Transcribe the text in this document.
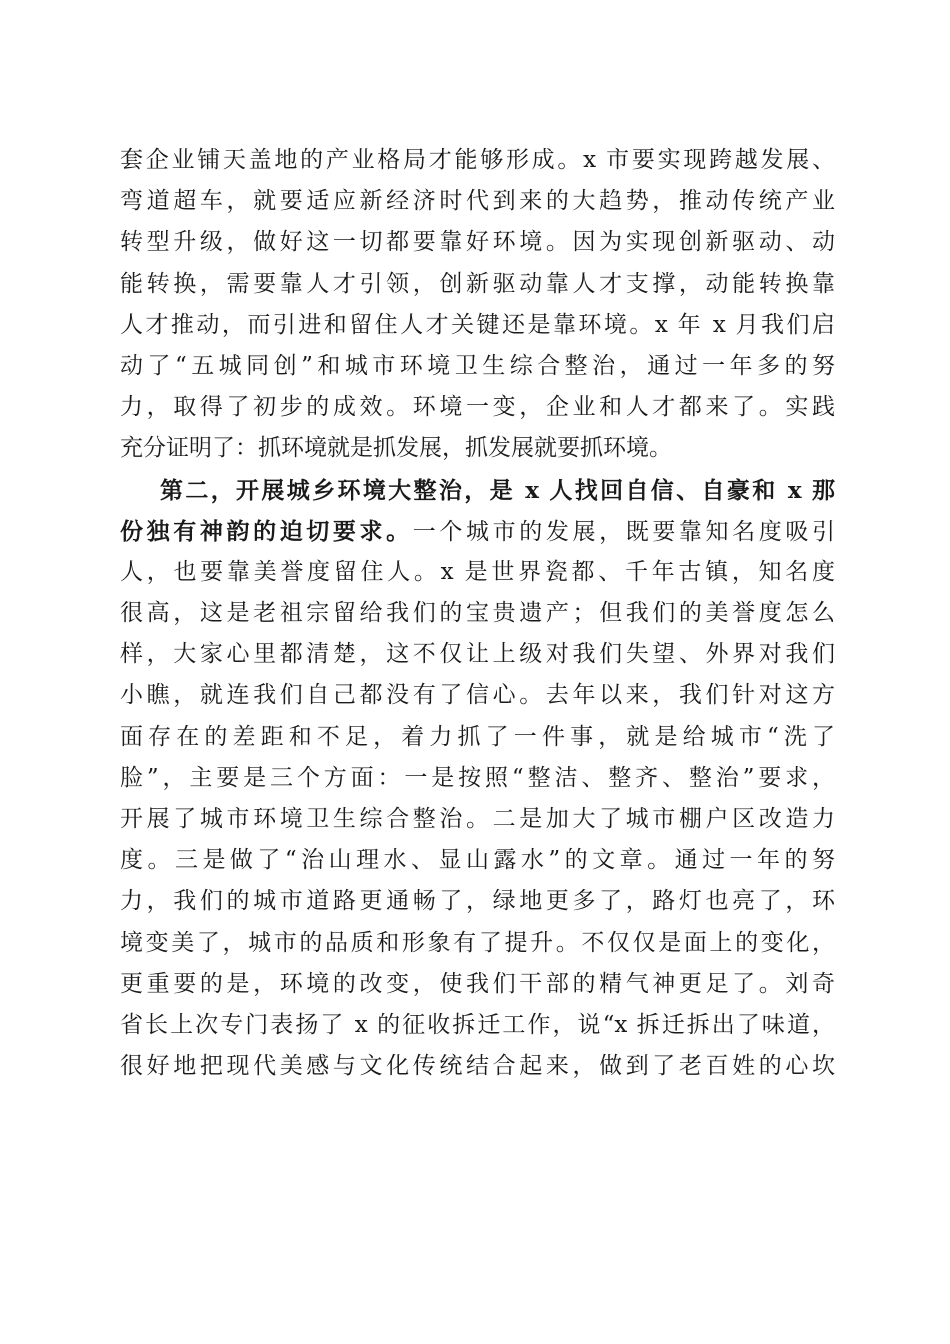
套企业铺天盖地的产业格局才能够形成。x 市要实现跨越发展、
弯道超车，就要适应新经济时代到来的大趋势，推动传统产业
转型升级，做好这一切都要靠好环境。因为实现创新驱动、动
能转换，需要靠人才引领，创新驱动靠人才支撑，动能转换靠
人才推动，而引进和留住人才关键还是靠环境。x 年 x 月我们启
动了“五城同创”和城市环境卫生综合整治，通过一年多的努
力，取得了初步的成效。环境一变，企业和人才都来了。实践
充分证明了：抓环境就是抓发展，抓发展就要抓环境。
第二，开展城乡环境大整治，是 x 人找回自信、自豪和 x 那
份独有神韵的迫切要求。一个城市的发展，既要靠知名度吸引
人，也要靠美誉度留住人。x 是世界瓷都、千年古镇，知名度
很高，这是老祖宗留给我们的宝贵遗产；但我们的美誉度怎么
样，大家心里都清楚，这不仅让上级对我们失望、外界对我们
小瞧，就连我们自己都没有了信心。去年以来，我们针对这方
面存在的差距和不足，着力抓了一件事，就是给城市“洗了
脸”，主要是三个方面：一是按照“整洁、整齐、整治”要求，
开展了城市环境卫生综合整治。二是加大了城市棚户区改造力
度。三是做了“治山理水、显山露水”的文章。通过一年的努
力，我们的城市道路更通畅了，绿地更多了，路灯也亮了，环
境变美了，城市的品质和形象有了提升。不仅仅是面上的变化，
更重要的是，环境的改变，使我们干部的精气神更足了。刘奇
省长上次专门表扬了 x 的征收拆迁工作，说“x 拆迁拆出了味道，
很好地把现代美感与文化传统结合起来，做到了老百姓的心坎
